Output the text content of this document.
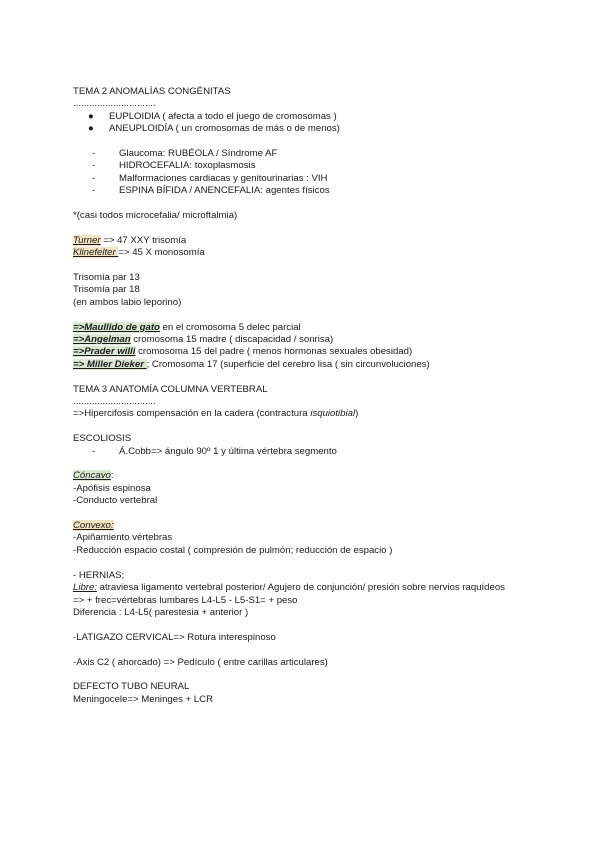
TEMA 2 ANOMALÍAS CONGÉNITAS
...............................
● EUPLOIDIA ( afecta a todo el juego de cromosomas )
● ANEUPLOIDÍA ( un cromosomas de más o de menos)
- Glaucoma: RUBÉOLA / Síndrome AF
- HIDROCEFALIA: toxoplasmosis
- Malformaciones cardiacas y genitourinarias : VIH
- ESPINA BÍFIDA / ANENCEFALIA: agentes físicos
*(casi todos microcefalia/ microftalmia)
Turner => 47 XXY trisomía
Klinefelter => 45 X monosomía
Trisomía par 13
Trisomía par 18
(en ambos labio leporino)
=>Maullido de gato en el cromosoma 5 delec parcial
=>Angelman cromosoma 15 madre ( discapacidad / sonrisa)
=>Prader willi cromosoma 15 del padre ( menos hormonas sexuales obesidad)
=> Miller Dieker ; Cromosoma 17 (superficie del cerebro lisa ( sin circunvoluciones)
TEMA 3 ANATOMÍA COLUMNA VERTEBRAL
...............................
=>Hipercifosis compensación en la cadera (contractura isquiotibial)
ESCOLIOSIS
- Á.Cobb=> ángulo 90º 1 y última vértebra segmento
Cóncavo:
-Apófisis espinosa
-Conducto vertebral
Convexo:
-Apiñamiento vértebras
-Reducción espacio costal ( compresión de pulmón; reducción de espacio )
- HERNIAS;
Libre: atraviesa ligamento vertebral posterior/ Agujero de conjunción/ presión sobre nervios raquídeos
=> + frec=vértebras lumbares L4-L5 - L5-S1= + peso
Diferencia : L4-L5( parestesia + anterior )
-LATIGAZO CERVICAL=> Rotura interespinoso
-Axis C2 ( ahorcado) => Pedículo ( entre carillas articulares)
DEFECTO TUBO NEURAL
Meningocele=> Meninges + LCR
